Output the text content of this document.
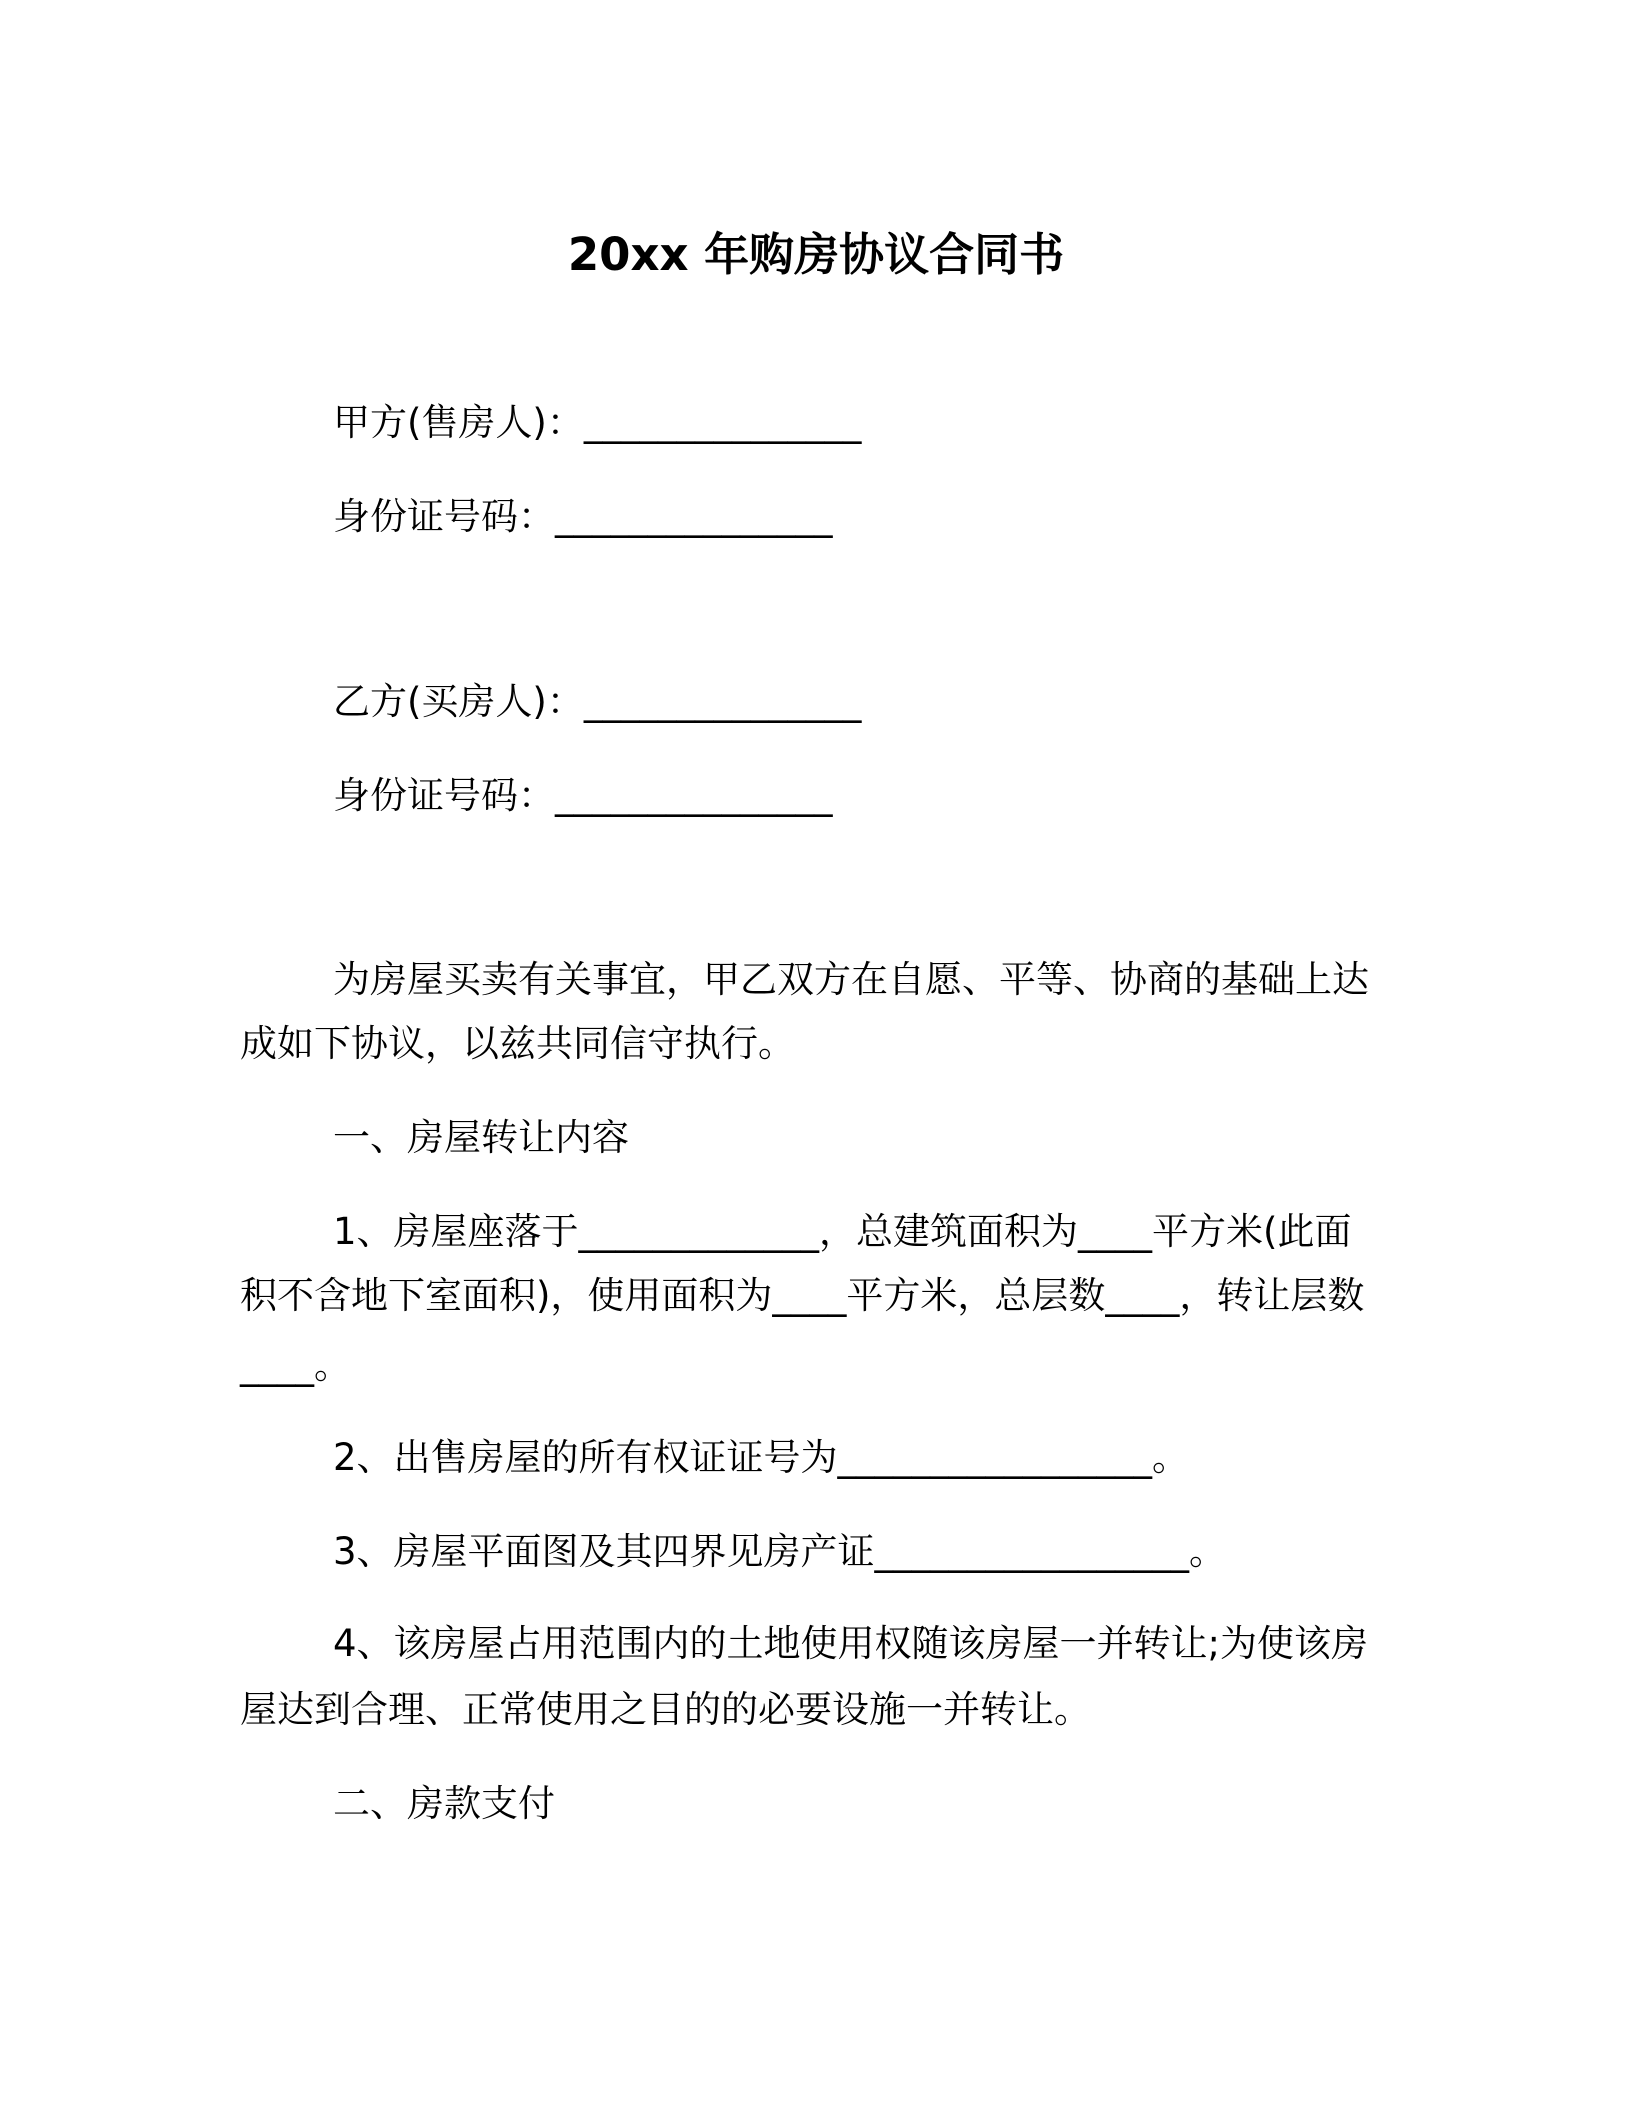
20xx 年购房协议合同书
甲方(售房人)：_______________
身份证号码：_______________
乙方(买房人)：_______________
身份证号码：_______________
为房屋买卖有关事宜，甲乙双方在自愿、平等、协商的基础上达
成如下协议，以兹共同信守执行。
一、房屋转让内容
1、房屋座落于_____________，总建筑面积为____平方米(此面
积不含地下室面积)，使用面积为____平方米，总层数____，转让层数
____。
2、出售房屋的所有权证证号为_________________。
3、房屋平面图及其四界见房产证_________________。
4、该房屋占用范围内的土地使用权随该房屋一并转让;为使该房
屋达到合理、正常使用之目的的必要设施一并转让。
二、房款支付
